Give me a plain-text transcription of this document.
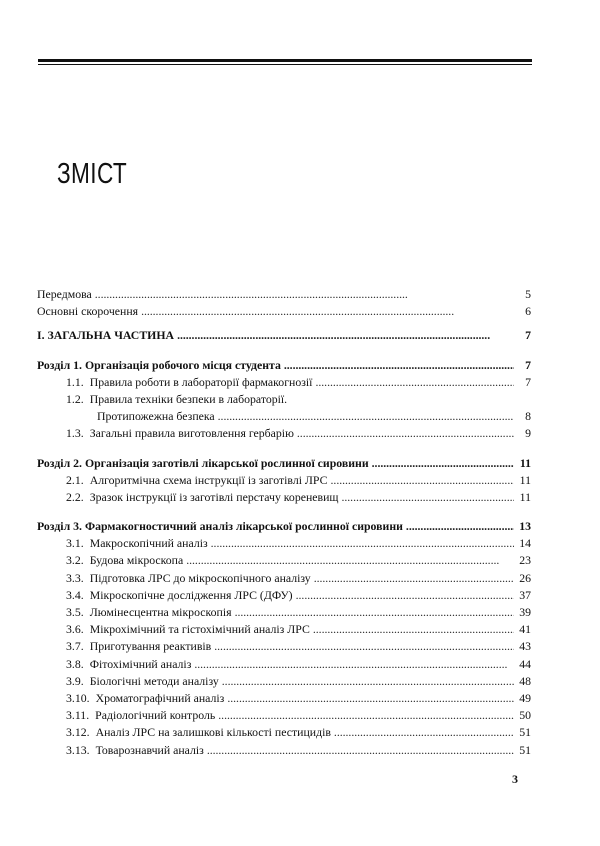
ЗМІСТ
Передмова . . .	5
Основні скорочення . . .	6
І. ЗАГАЛЬНА ЧАСТИНА . . .	7
Розділ 1. Організація робочого місця студента . . .	7
1.1. Правила роботи в лабораторії фармакогнозії . . .	7
1.2. Правила техніки безпеки в лабораторії.
Протипожежна безпека . . .	8
1.3. Загальні правила виготовлення гербарію . . .	9
Розділ 2. Організація заготівлі лікарської рослинної сировини . . .	11
2.1. Алгоритмічна схема інструкції із заготівлі ЛРС . . .	11
2.2. Зразок інструкції із заготівлі перстачу кореневищ . . .	11
Розділ 3. Фармакогностичний аналіз лікарської рослинної сировини . . .	13
3.1. Макроскопічний аналіз . . .	14
3.2. Будова мікроскопа . . .	23
3.3. Підготовка ЛРС до мікроскопічного аналізу . . .	26
3.4. Мікроскопічне дослідження ЛРС (ДФУ) . . .	37
3.5. Люмінесцентна мікроскопія . . .	39
3.6. Мікрохімічний та гістохімічний аналіз ЛРС . . .	41
3.7. Приготування реактивів . . .	43
3.8. Фітохімічний аналіз . . .	44
3.9. Біологічні методи аналізу . . .	48
3.10. Хроматографічний аналіз . . .	49
3.11. Радіологічний контроль . . .	50
3.12. Аналіз ЛРС на залишкові кількості пестицидів . . .	51
3.13. Товарознавчий аналіз . . .	51
3
